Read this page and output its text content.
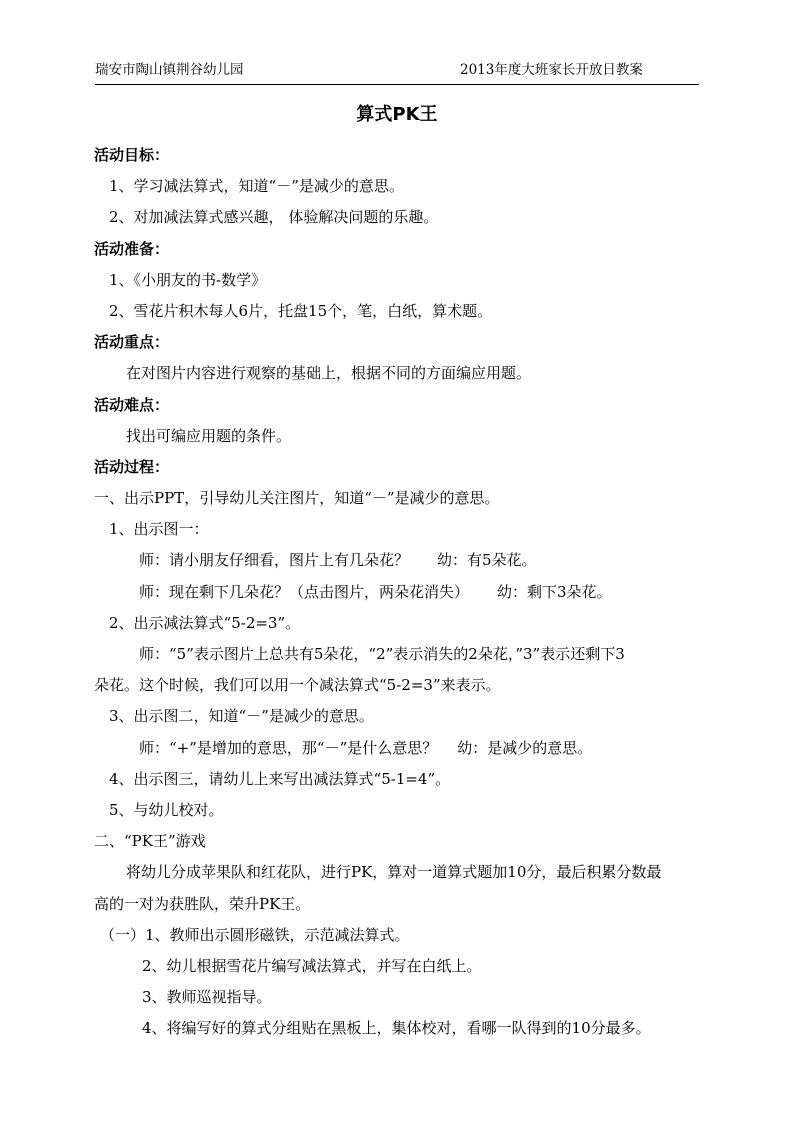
瑞安市陶山镇荆谷幼儿园	2013年度大班家长开放日教案
算式PK王

活动目标：

1、学习减法算式，知道“－”是减少的意思。

2、对加减法算式感兴趣， 体验解决问题的乐趣。

活动准备：

1、《小朋友的书-数学》

2、雪花片积木每人6片，托盘15个，笔，白纸，算术题。

活动重点：

在对图片内容进行观察的基础上，根据不同的方面编应用题。

活动难点：

找出可编应用题的条件。

活动过程：

一、出示PPT，引导幼儿关注图片，知道“－”是减少的意思。

1、出示图一：

师：请小朋友仔细看，图片上有几朵花？ 幼：有5朵花。

师：现在剩下几朵花？（点击图片，两朵花消失） 幼：剩下3朵花。

2、出示减法算式“5-2=3”。

师：“5”表示图片上总共有5朵花，“2”表示消失的2朵花，”3”表示还剩下3

朵花。这个时候，我们可以用一个减法算式“5-2=3”来表示。

3、出示图二，知道“－”是减少的意思。

师：“+”是增加的意思，那“－”是什么意思？ 幼：是减少的意思。

4、出示图三，请幼儿上来写出减法算式“5-1=4”。

5、与幼儿校对。

二、“PK王”游戏

将幼儿分成苹果队和红花队，进行PK，算对一道算式题加10分，最后积累分数最

高的一对为获胜队，荣升PK王。

（一）1、教师出示圆形磁铁，示范减法算式。

2、幼儿根据雪花片编写减法算式，并写在白纸上。

3、教师巡视指导。

4、将编写好的算式分组贴在黑板上，集体校对，看哪一队得到的10分最多。
